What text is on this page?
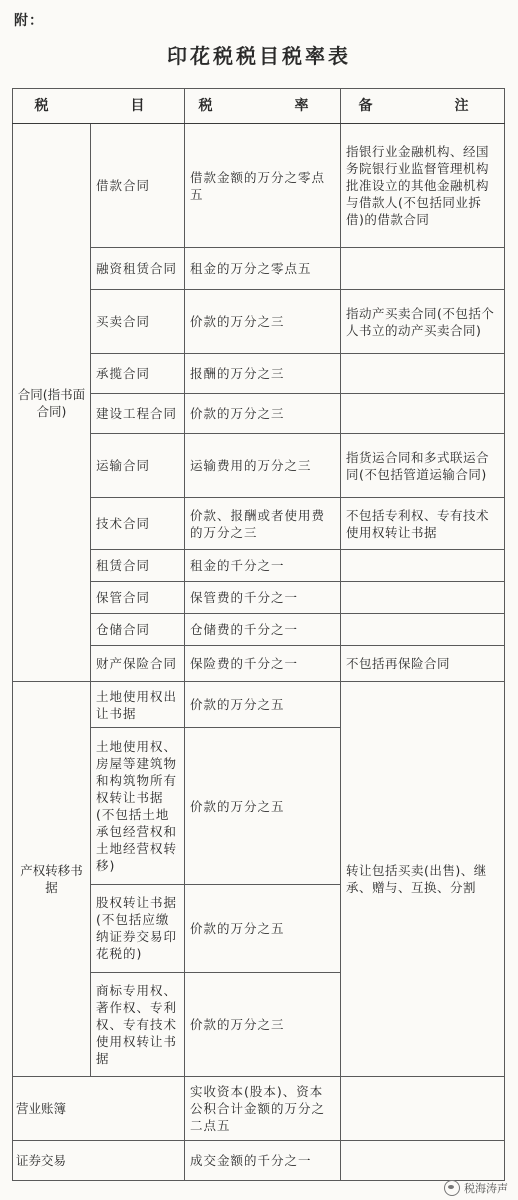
附：
印花税税目税率表
税　　目		税　　率	备　　注
合同(指书面合同)	借款合同	借款金额的万分之零点五	指银行业金融机构、经国务院银行业监督管理机构批准设立的其他金融机构与借款人(不包括同业拆借)的借款合同
	融资租赁合同	租金的万分之零点五	
	买卖合同	价款的万分之三	指动产买卖合同(不包括个人书立的动产买卖合同)
	承揽合同	报酬的万分之三	
	建设工程合同	价款的万分之三	
	运输合同	运输费用的万分之三	指货运合同和多式联运合同(不包括管道运输合同)
	技术合同	价款、报酬或者使用费的万分之三	不包括专利权、专有技术使用权转让书据
	租赁合同	租金的千分之一	
	保管合同	保管费的千分之一	
	仓储合同	仓储费的千分之一	
	财产保险合同	保险费的千分之一	不包括再保险合同
产权转移书据	土地使用权出让书据	价款的万分之五	转让包括买卖(出售)、继承、赠与、互换、分割
	土地使用权、房屋等建筑物和构筑物所有权转让书据(不包括土地承包经营权和土地经营权转移)	价款的万分之五	
	股权转让书据(不包括应缴纳证券交易印花税的)	价款的万分之五	
	商标专用权、著作权、专利权、专有技术使用权转让书据	价款的万分之三	
营业账簿		实收资本(股本)、资本公积合计金额的万分之二点五	
证券交易		成交金额的千分之一	
税海涛声
